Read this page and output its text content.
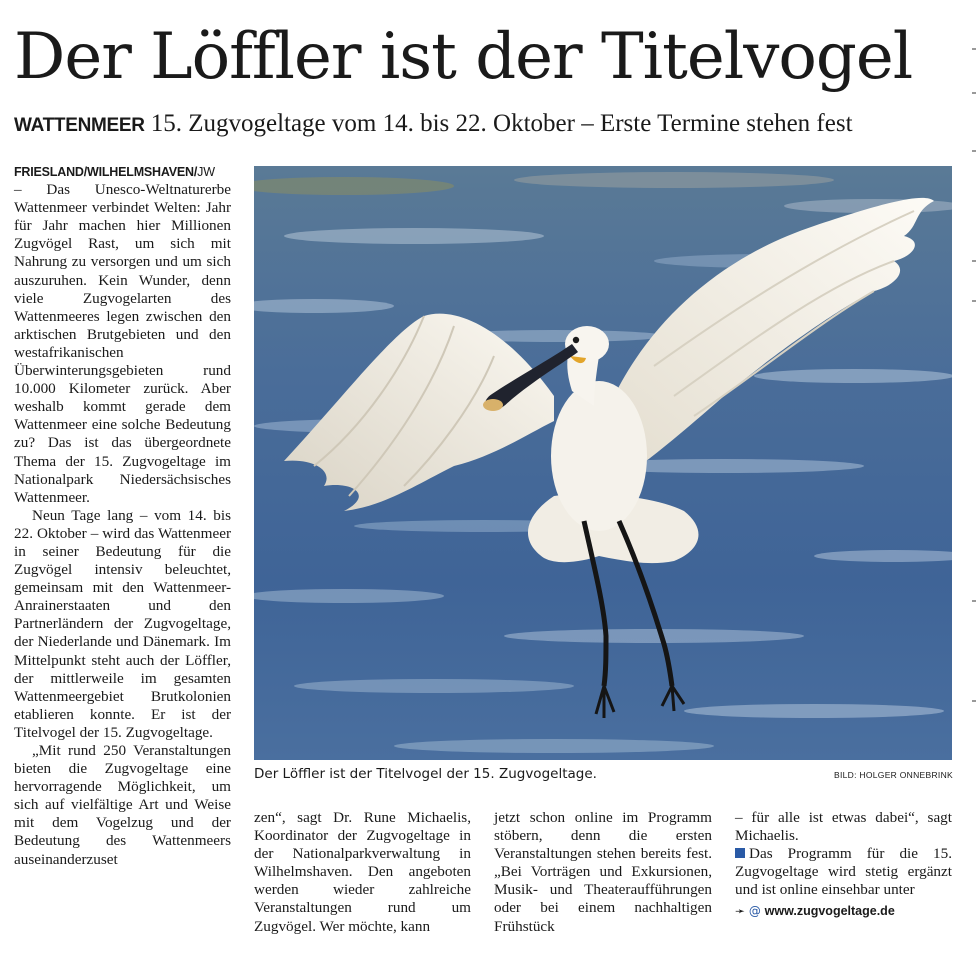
Der Löffler ist der Titelvogel
WATTENMEER 15. Zugvogeltage vom 14. bis 22. Oktober – Erste Termine stehen fest

FRIESLAND/WILHELMSHAVEN/JW
– Das Unesco-Weltnaturerbe Wattenmeer verbindet Welten: Jahr für Jahr machen hier Millionen Zugvögel Rast, um sich mit Nahrung zu versorgen und um sich auszuruhen. Kein Wunder, denn viele Zugvogelarten des Wattenmeeres legen zwischen den arktischen Brutgebieten und den westafrikanischen Überwinterungsgebieten rund 10.000 Kilometer zurück. Aber weshalb kommt gerade dem Wattenmeer eine solche Bedeutung zu? Das ist das übergeordnete Thema der 15. Zugvogeltage im Nationalpark Niedersächsisches Wattenmeer.

Neun Tage lang – vom 14. bis 22. Oktober – wird das Wattenmeer in seiner Bedeutung für die Zugvögel intensiv beleuchtet, gemeinsam mit den Wattenmeer-Anrainerstaaten und den Partnerländern der Zugvogeltage, der Niederlande und Dänemark. Im Mittelpunkt steht auch der Löffler, der mittlerweile im gesamten Wattenmeergebiet Brutkolonien etablieren konnte. Er ist der Titelvogel der 15. Zugvogeltage.

„Mit rund 250 Veranstaltungen bieten die Zugvogeltage eine hervorragende Möglichkeit, um sich auf vielfältige Art und Weise mit dem Vogelzug und der Bedeutung des Wattenmeers auseinanderzuset

Der Löffler ist der Titelvogel der 15. Zugvogeltage.	BILD: HOLGER ONNEBRINK

zen“, sagt Dr. Rune Michaelis, Koordinator der Zugvogeltage in der Nationalparkverwaltung in Wilhelmshaven. Den angeboten werden wieder zahlreiche Veranstaltungen rund um Zugvögel. Wer möchte, kann

jetzt schon online im Programm stöbern, denn die ersten Veranstaltungen stehen bereits fest. „Bei Vorträgen und Exkursionen, Musik- und Theateraufführungen oder bei einem nachhaltigen Frühstück

– für alle ist etwas dabei“, sagt Michaelis.

Das Programm für die 15. Zugvogeltage wird stetig ergänzt und ist online einsehbar unter

➛ @ www.zugvogeltage.de
